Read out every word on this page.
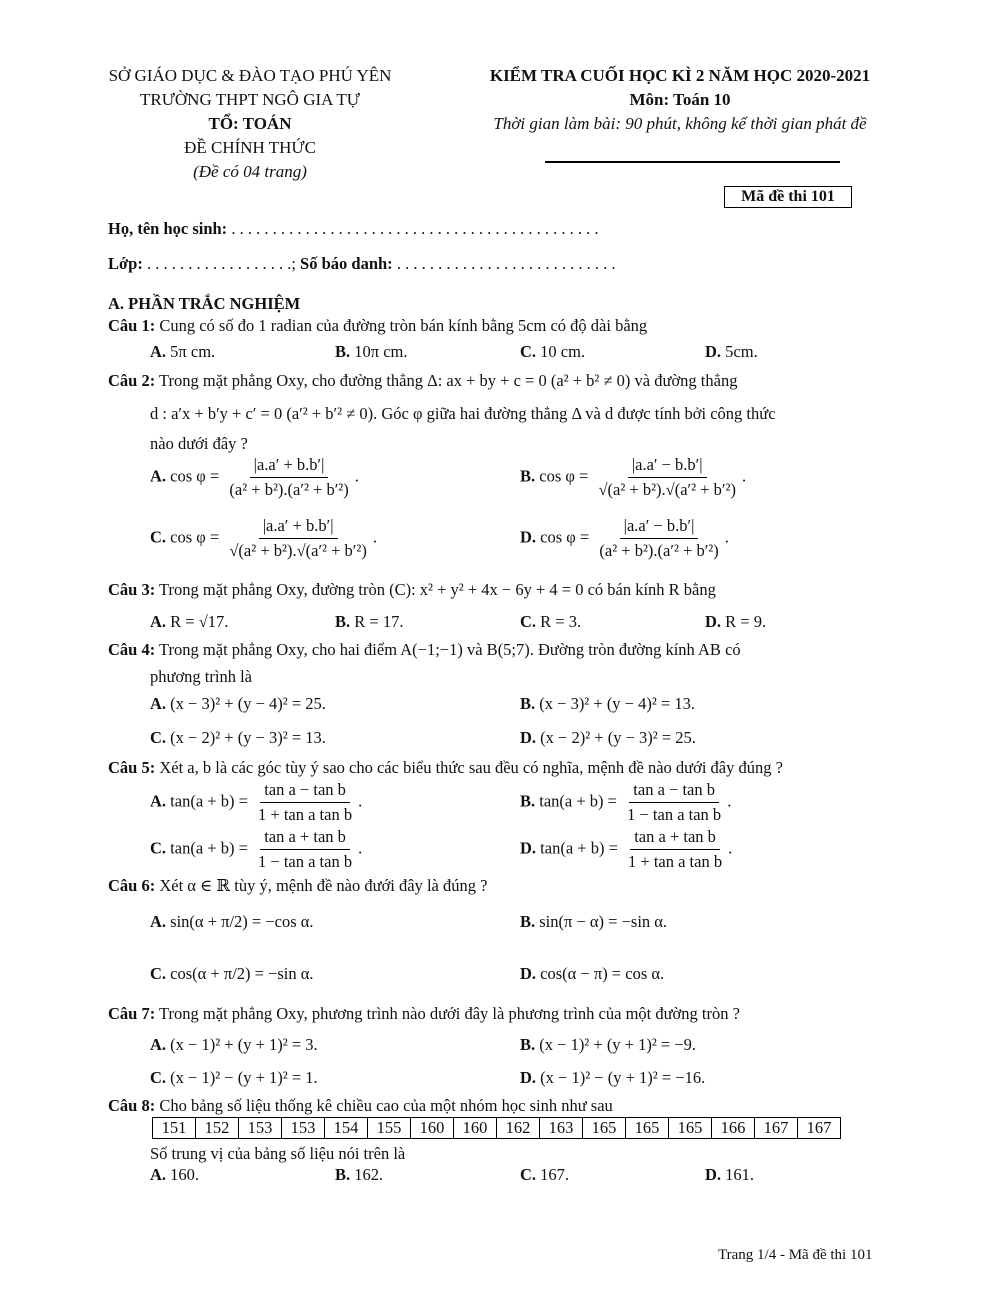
SỞ GIÁO DỤC & ĐÀO TẠO PHÚ YÊN
TRƯỜNG THPT NGÔ GIA TỰ
TỔ: TOÁN
ĐỀ CHÍNH THỨC
(Đề có 04 trang)
KIỂM TRA CUỐI HỌC KÌ 2 NĂM HỌC 2020-2021
Môn: Toán 10
Thời gian làm bài: 90 phút, không kể thời gian phát đề
Mã đề thi 101
Họ, tên học sinh: . . . . . . . . . . . . . . . . . . . . . . . . . . . . . . . . . . . . . . . . . . . . .
Lớp: . . . . . . . . . . . . . . . . . .; Số báo danh: . . . . . . . . . . . . . . . . . . . . . . . . . . .
A. PHẦN TRẮC NGHIỆM
Câu 1: Cung có số đo 1 radian của đường tròn bán kính bằng 5cm có độ dài bằng
A. 5π cm.	B. 10π cm.	C. 10 cm.	D. 5cm.
Câu 2: Trong mặt phẳng Oxy, cho đường thẳng Δ: ax + by + c = 0 (a² + b² ≠ 0) và đường thẳng
d : a′x + b′y + c′ = 0 (a′² + b′² ≠ 0). Góc φ giữa hai đường thẳng Δ và d được tính bởi công thức
nào dưới đây ?
A. $\cos \varphi = \frac{|a.a' + b.b'|}{\text{(a² + b²).(a′² + b′²)}}$ .	B. $\cos \varphi = \frac{|a.a' - b.b'|}{\text{√(a² + b²).√(a′² + b′²)}}$ .
C. $\cos \varphi = \frac{|a.a' + b.b'|}{\text{√(a² + b²).√(a′² + b′²)}}$ .	D. $\cos \varphi = \frac{|a.a' - b.b'|}{\text{(a² + b²).(a′² + b′²)}}$ .
Câu 3: Trong mặt phẳng Oxy, đường tròn (C): x² + y² + 4x − 6y + 4 = 0 có bán kính R bằng
A. R = √17.	B. R = 17.	C. R = 3.	D. R = 9.
Câu 4: Trong mặt phẳng Oxy, cho hai điểm A(−1;−1) và B(5;7). Đường tròn đường kính AB có
phương trình là
A. (x − 3)² + (y − 4)² = 25.	B. (x − 3)² + (y − 4)² = 13.
C. (x − 2)² + (y − 3)² = 13.	D. (x − 2)² + (y − 3)² = 25.
Câu 5: Xét a, b là các góc tùy ý sao cho các biểu thức sau đều có nghĩa, mệnh đề nào dưới đây đúng ?
A. $\tan(a + b) = \frac{\text{tan a − tan b}}{\text{1 + tan a tan b}}$ .	B. $\tan(a + b) = \frac{\text{tan a − tan b}}{\text{1 − tan a tan b}}$ .
C. $\tan(a + b) = \frac{\text{tan a + tan b}}{\text{1 − tan a tan b}}$ .	D. $\tan(a + b) = \frac{\text{tan a + tan b}}{\text{1 + tan a tan b}}$ .
Câu 6: Xét α ∈ ℝ tùy ý, mệnh đề nào đưới đây là đúng ?
A. sin(α + π/2) = −cos α.	B. sin(π − α) = −sin α.
C. cos(α + π/2) = −sin α.	D. cos(α − π) = cos α.
Câu 7: Trong mặt phẳng Oxy, phương trình nào dưới đây là phương trình của một đường tròn ?
A. (x − 1)² + (y + 1)² = 3.	B. (x − 1)² + (y + 1)² = −9.
C. (x − 1)² − (y + 1)² = 1.	D. (x − 1)² − (y + 1)² = −16.
Câu 8: Cho bảng số liệu thống kê chiều cao của một nhóm học sinh như sau
151	152	153	153	154	155	160	160	162	163	165	165	165	166	167	167
Số trung vị của bảng số liệu nói trên là
A. 160.	B. 162.	C. 167.	D. 161.
Trang 1/4 - Mã đề thi 101
